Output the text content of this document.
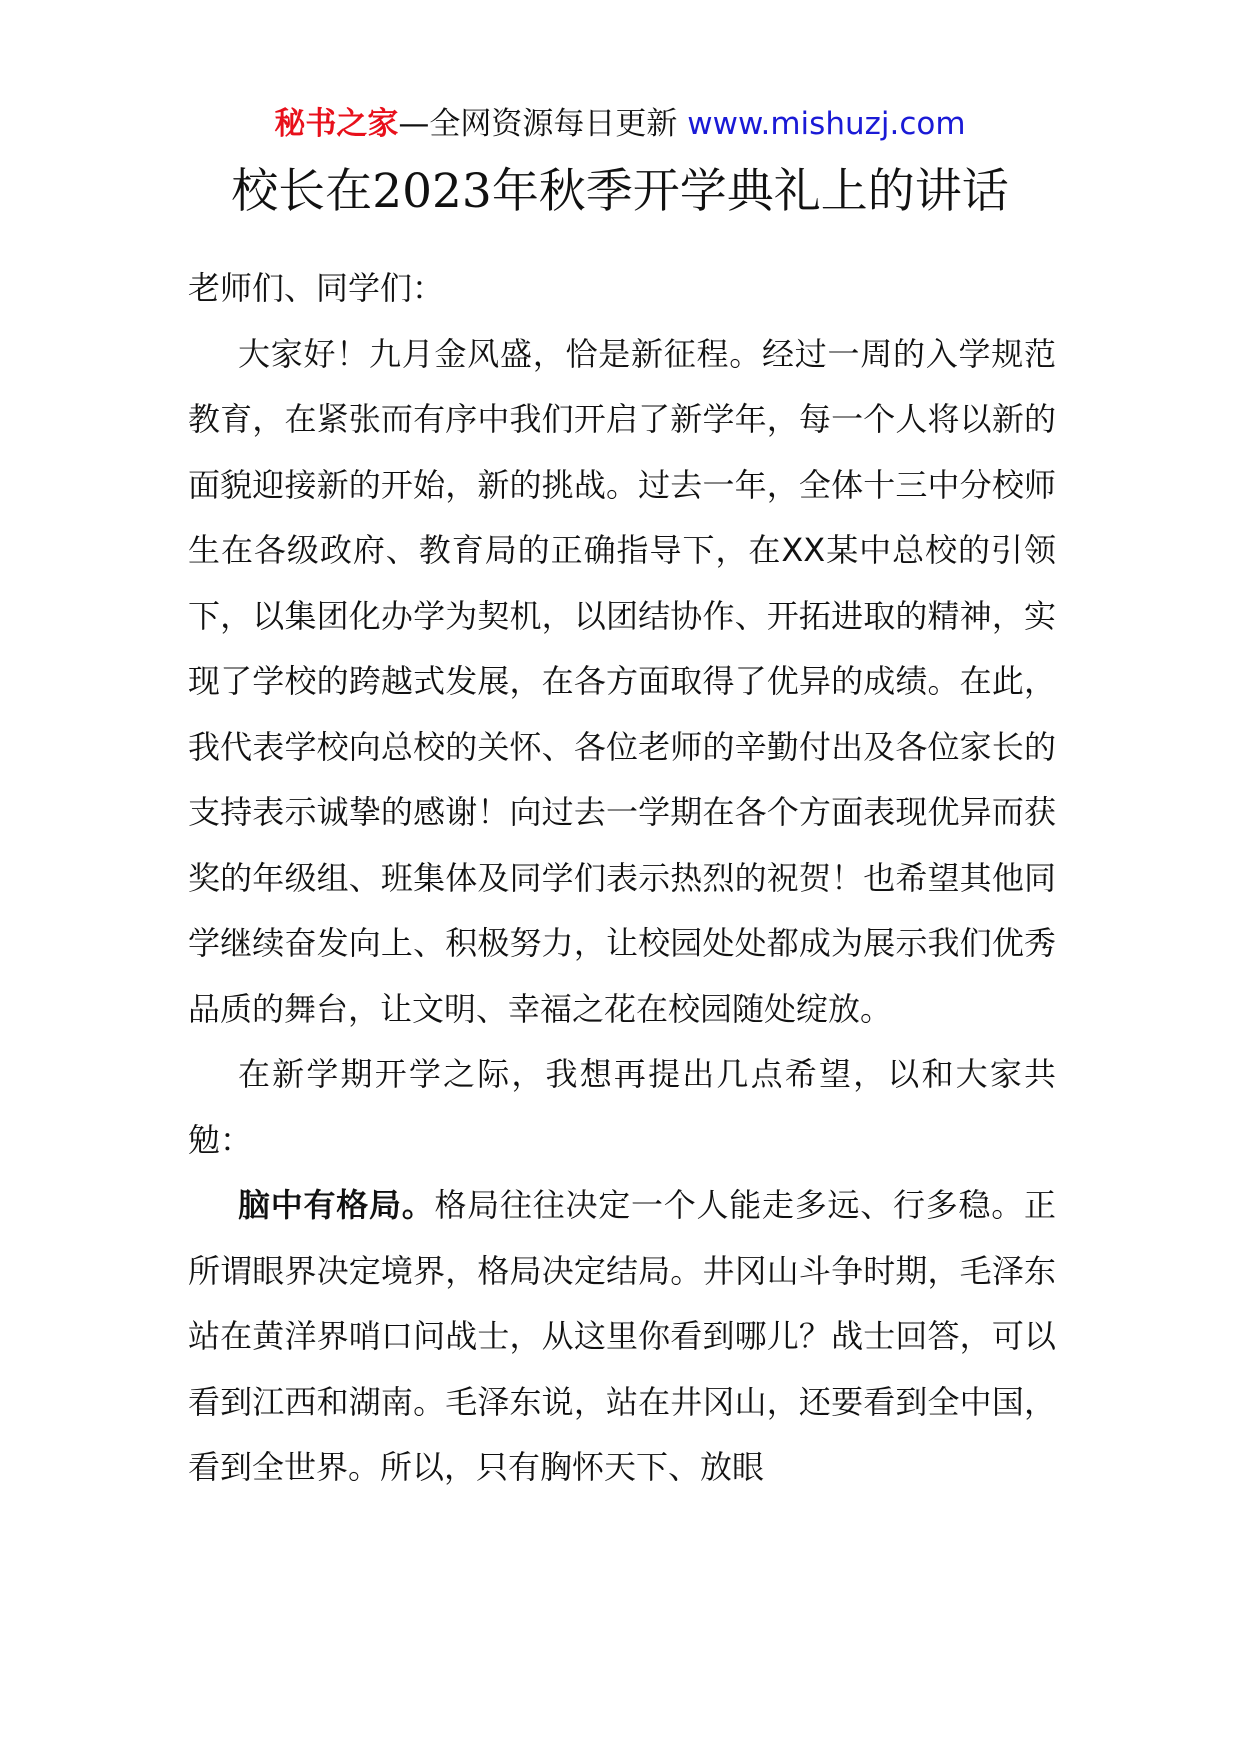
秘书之家—全网资源每日更新 www.mishuzj.com
校长在2023年秋季开学典礼上的讲话

老师们、同学们：

大家好！九月金风盛，恰是新征程。经过一周的入学规范教育，在紧张而有序中我们开启了新学年，每一个人将以新的面貌迎接新的开始，新的挑战。过去一年，全体十三中分校师生在各级政府、教育局的正确指导下，在XX某中总校的引领下，以集团化办学为契机，以团结协作、开拓进取的精神，实现了学校的跨越式发展，在各方面取得了优异的成绩。在此，我代表学校向总校的关怀、各位老师的辛勤付出及各位家长的支持表示诚挚的感谢！向过去一学期在各个方面表现优异而获奖的年级组、班集体及同学们表示热烈的祝贺！也希望其他同学继续奋发向上、积极努力，让校园处处都成为展示我们优秀品质的舞台，让文明、幸福之花在校园随处绽放。

在新学期开学之际，我想再提出几点希望，以和大家共勉：

脑中有格局。格局往往决定一个人能走多远、行多稳。正所谓眼界决定境界，格局决定结局。井冈山斗争时期，毛泽东站在黄洋界哨口问战士，从这里你看到哪儿？战士回答，可以看到江西和湖南。毛泽东说，站在井冈山，还要看到全中国，看到全世界。所以，只有胸怀天下、放眼
